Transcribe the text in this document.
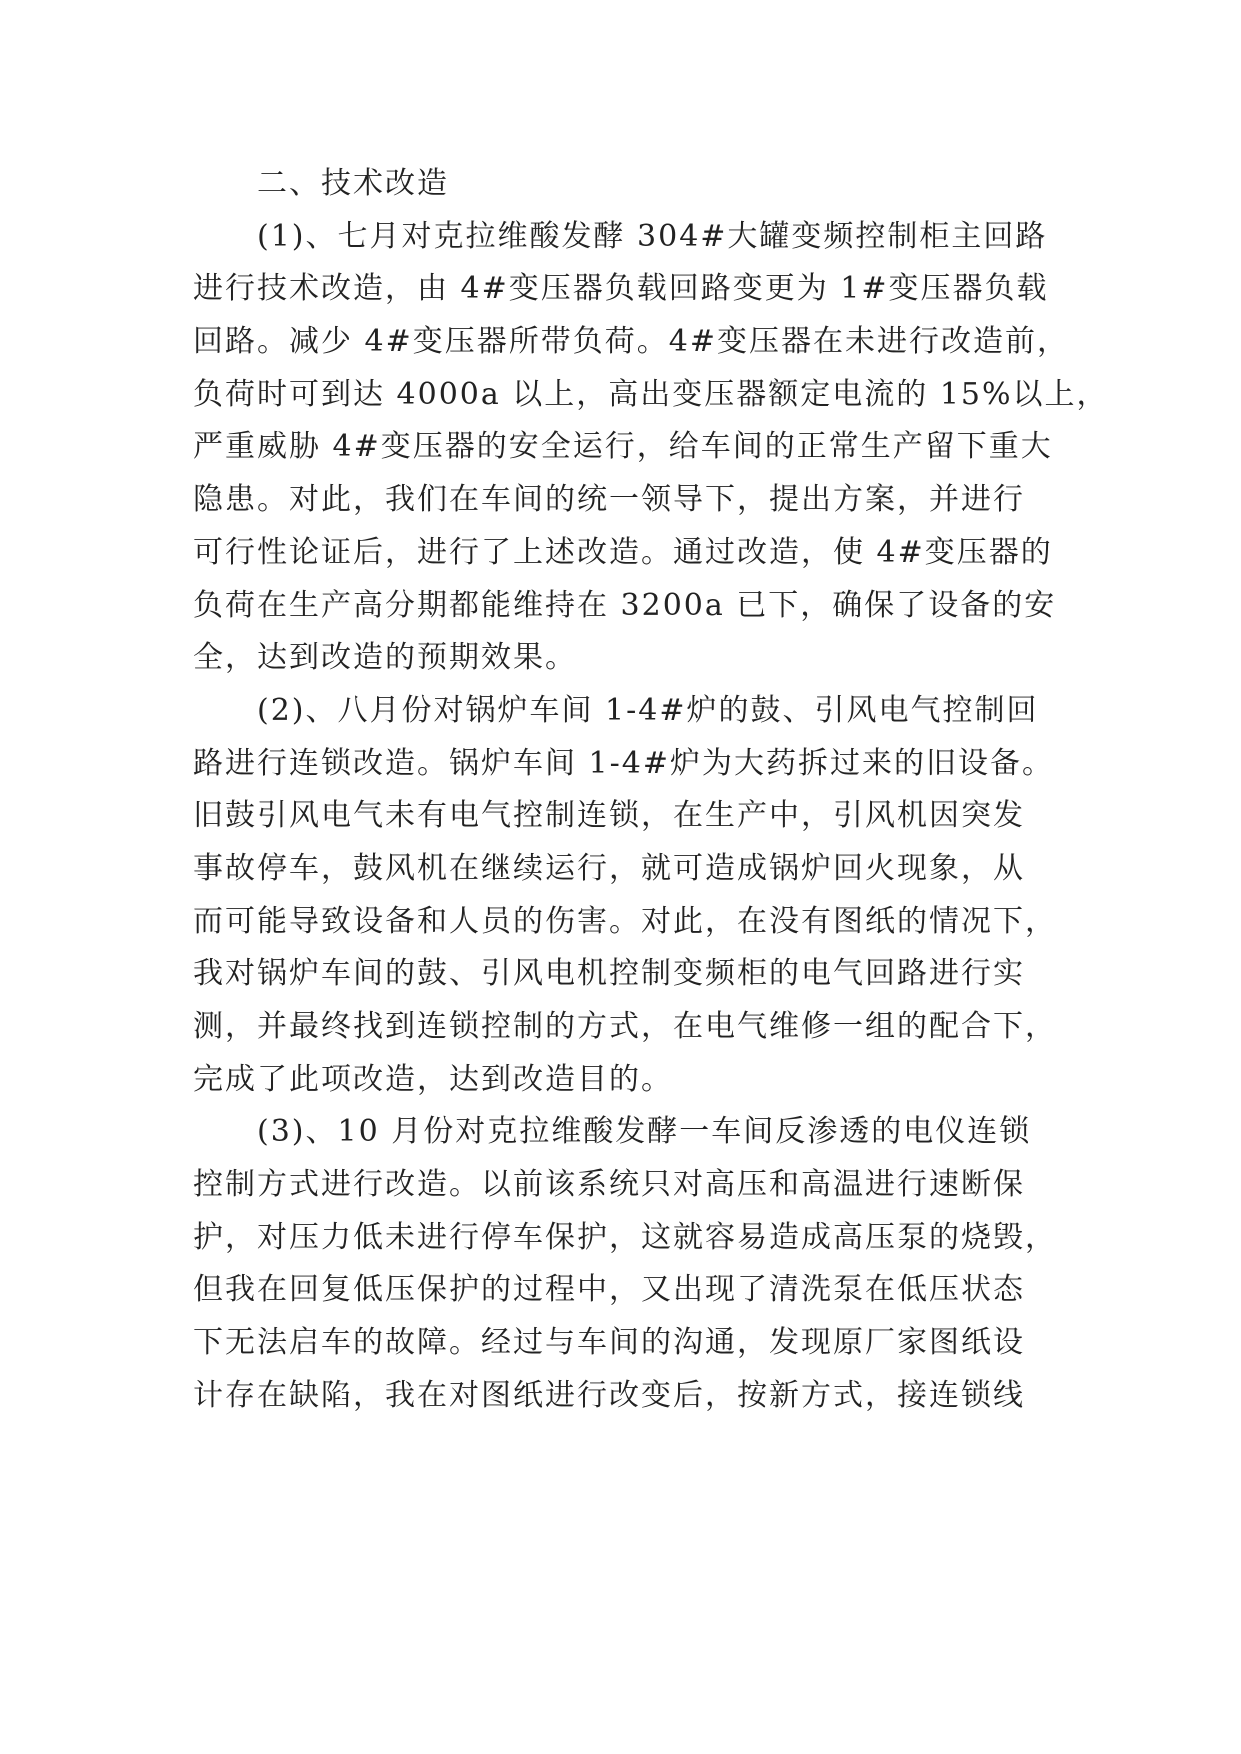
二、技术改造
(1)、七月对克拉维酸发酵 304#大罐变频控制柜主回路
进行技术改造，由 4#变压器负载回路变更为 1#变压器负载
回路。减少 4#变压器所带负荷。4#变压器在未进行改造前，
负荷时可到达 4000a 以上，高出变压器额定电流的 15%以上，
严重威胁 4#变压器的安全运行，给车间的正常生产留下重大
隐患。对此，我们在车间的统一领导下，提出方案，并进行
可行性论证后，进行了上述改造。通过改造，使 4#变压器的
负荷在生产高分期都能维持在 3200a 已下，确保了设备的安
全，达到改造的预期效果。
(2)、八月份对锅炉车间 1-4#炉的鼓、引风电气控制回
路进行连锁改造。锅炉车间 1-4#炉为大药拆过来的旧设备。
旧鼓引风电气未有电气控制连锁，在生产中，引风机因突发
事故停车，鼓风机在继续运行，就可造成锅炉回火现象，从
而可能导致设备和人员的伤害。对此，在没有图纸的情况下，
我对锅炉车间的鼓、引风电机控制变频柜的电气回路进行实
测，并最终找到连锁控制的方式，在电气维修一组的配合下，
完成了此项改造，达到改造目的。
(3)、10 月份对克拉维酸发酵一车间反渗透的电仪连锁
控制方式进行改造。以前该系统只对高压和高温进行速断保
护，对压力低未进行停车保护，这就容易造成高压泵的烧毁，
但我在回复低压保护的过程中，又出现了清洗泵在低压状态
下无法启车的故障。经过与车间的沟通，发现原厂家图纸设
计存在缺陷，我在对图纸进行改变后，按新方式，接连锁线
